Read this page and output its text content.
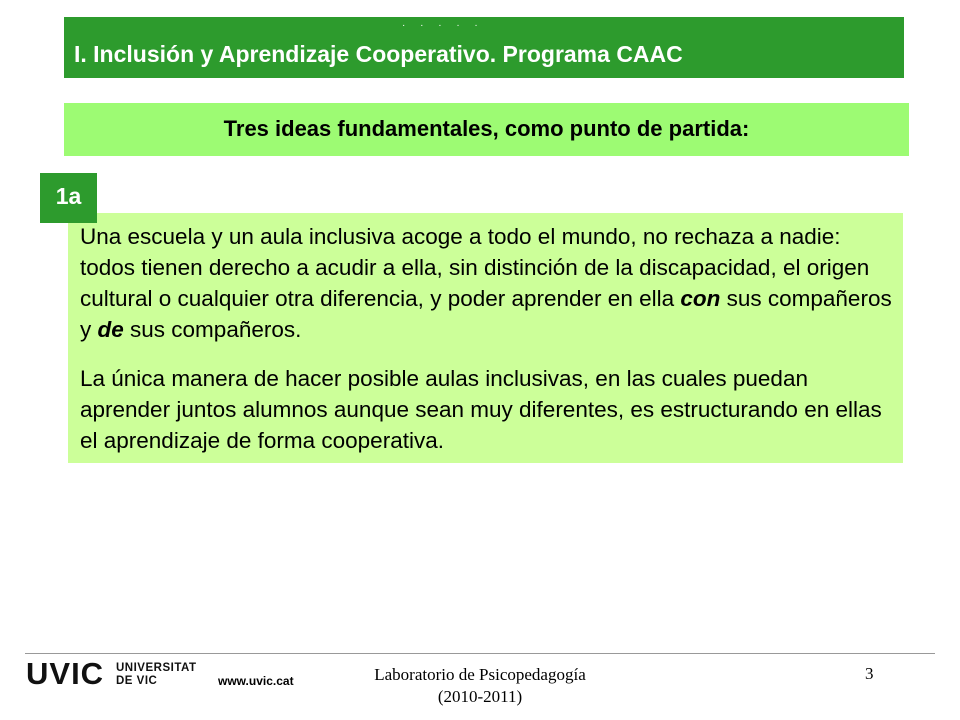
· · · · ·
I. Inclusión y Aprendizaje Cooperativo. Programa CAAC
Tres ideas fundamentales, como punto de partida:
1a

Una escuela y un aula inclusiva acoge a todo el mundo, no rechaza a nadie: todos tienen derecho a acudir a ella, sin distinción de la discapacidad, el origen cultural o cualquier otra diferencia, y poder aprender en ella con sus compañeros y de sus compañeros.

La única manera de hacer posible aulas inclusivas, en las cuales puedan aprender juntos alumnos aunque sean muy diferentes, es estructurando en ellas el aprendizaje de forma cooperativa.

UVIC UNIVERSITAT
DE VIC	www.uvic.cat	Laboratorio de Psicopedagogía
(2010-2011)
3
